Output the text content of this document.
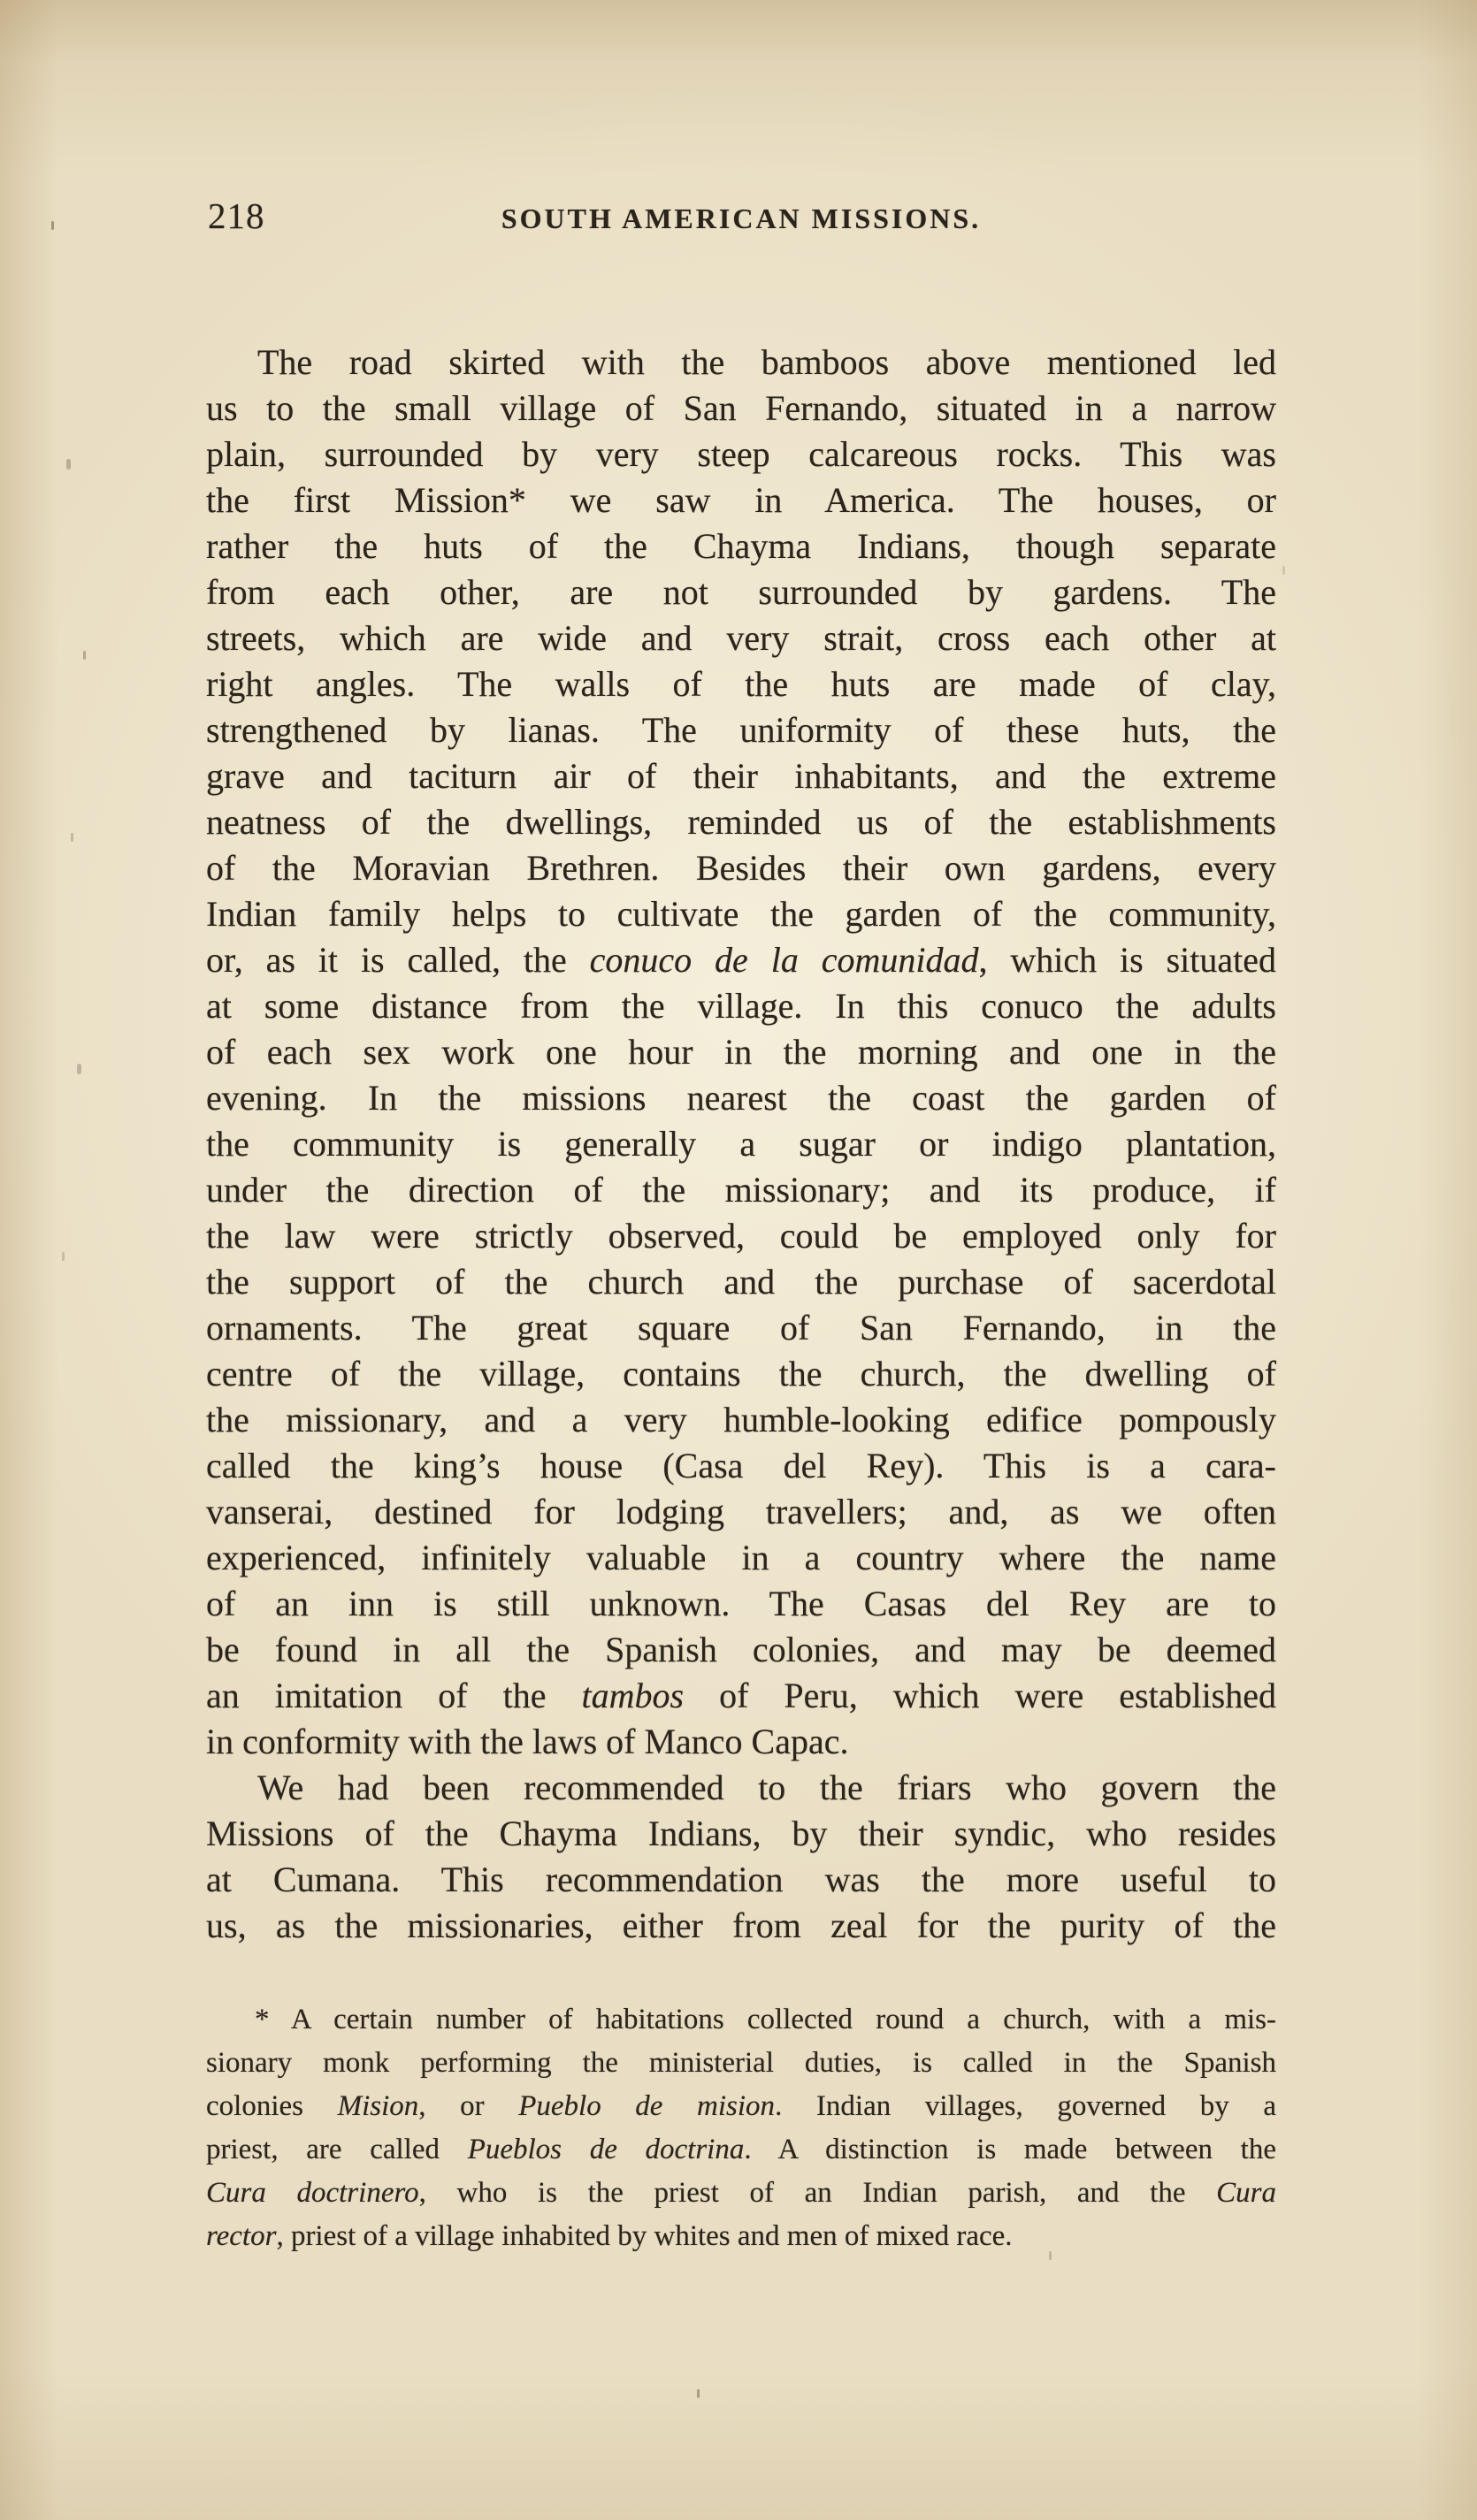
218	SOUTH AMERICAN MISSIONS.
The road skirted with the bamboos above mentioned led
us to the small village of San Fernando, situated in a narrow
plain, surrounded by very steep calcareous rocks. This was
the first Mission* we saw in America. The houses, or
rather the huts of the Chayma Indians, though separate
from each other, are not surrounded by gardens. The
streets, which are wide and very strait, cross each other at
right angles. The walls of the huts are made of clay,
strengthened by lianas. The uniformity of these huts, the
grave and taciturn air of their inhabitants, and the extreme
neatness of the dwellings, reminded us of the establishments
of the Moravian Brethren. Besides their own gardens, every
Indian family helps to cultivate the garden of the community,
or, as it is called, the conuco de la comunidad, which is situated
at some distance from the village. In this conuco the adults
of each sex work one hour in the morning and one in the
evening. In the missions nearest the coast the garden of
the community is generally a sugar or indigo plantation,
under the direction of the missionary; and its produce, if
the law were strictly observed, could be employed only for
the support of the church and the purchase of sacerdotal
ornaments. The great square of San Fernando, in the
centre of the village, contains the church, the dwelling of
the missionary, and a very humble-looking edifice pompously
called the king’s house (Casa del Rey). This is a cara-
vanserai, destined for lodging travellers; and, as we often
experienced, infinitely valuable in a country where the name
of an inn is still unknown. The Casas del Rey are to
be found in all the Spanish colonies, and may be deemed
an imitation of the tambos of Peru, which were established
in conformity with the laws of Manco Capac.
We had been recommended to the friars who govern the
Missions of the Chayma Indians, by their syndic, who resides
at Cumana. This recommendation was the more useful to
us, as the missionaries, either from zeal for the purity of the
* A certain number of habitations collected round a church, with a mis-
sionary monk performing the ministerial duties, is called in the Spanish
colonies Mision, or Pueblo de mision. Indian villages, governed by a
priest, are called Pueblos de doctrina. A distinction is made between the
Cura doctrinero, who is the priest of an Indian parish, and the Cura
rector, priest of a village inhabited by whites and men of mixed race.
